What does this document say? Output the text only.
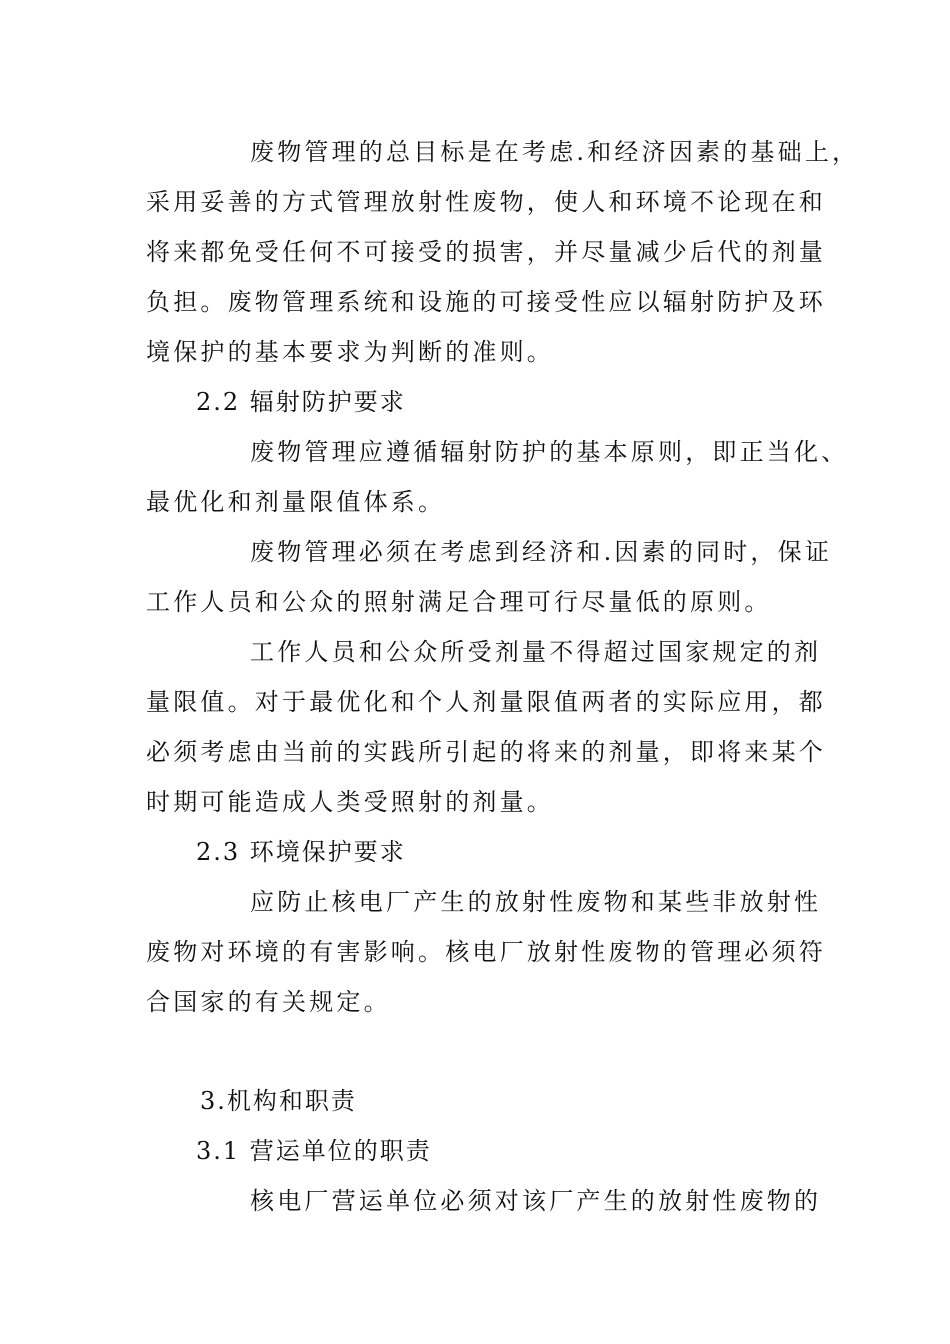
废物管理的总目标是在考虑.和经济因素的基础上，
采用妥善的方式管理放射性废物，使人和环境不论现在和
将来都免受任何不可接受的损害，并尽量减少后代的剂量
负担。废物管理系统和设施的可接受性应以辐射防护及环
境保护的基本要求为判断的准则。
2.2 辐射防护要求
废物管理应遵循辐射防护的基本原则，即正当化、
最优化和剂量限值体系。
废物管理必须在考虑到经济和.因素的同时，保证
工作人员和公众的照射满足合理可行尽量低的原则。
工作人员和公众所受剂量不得超过国家规定的剂
量限值。对于最优化和个人剂量限值两者的实际应用，都
必须考虑由当前的实践所引起的将来的剂量，即将来某个
时期可能造成人类受照射的剂量。
2.3 环境保护要求
应防止核电厂产生的放射性废物和某些非放射性
废物对环境的有害影响。核电厂放射性废物的管理必须符
合国家的有关规定。
3.机构和职责
3.1 营运单位的职责
核电厂营运单位必须对该厂产生的放射性废物的
